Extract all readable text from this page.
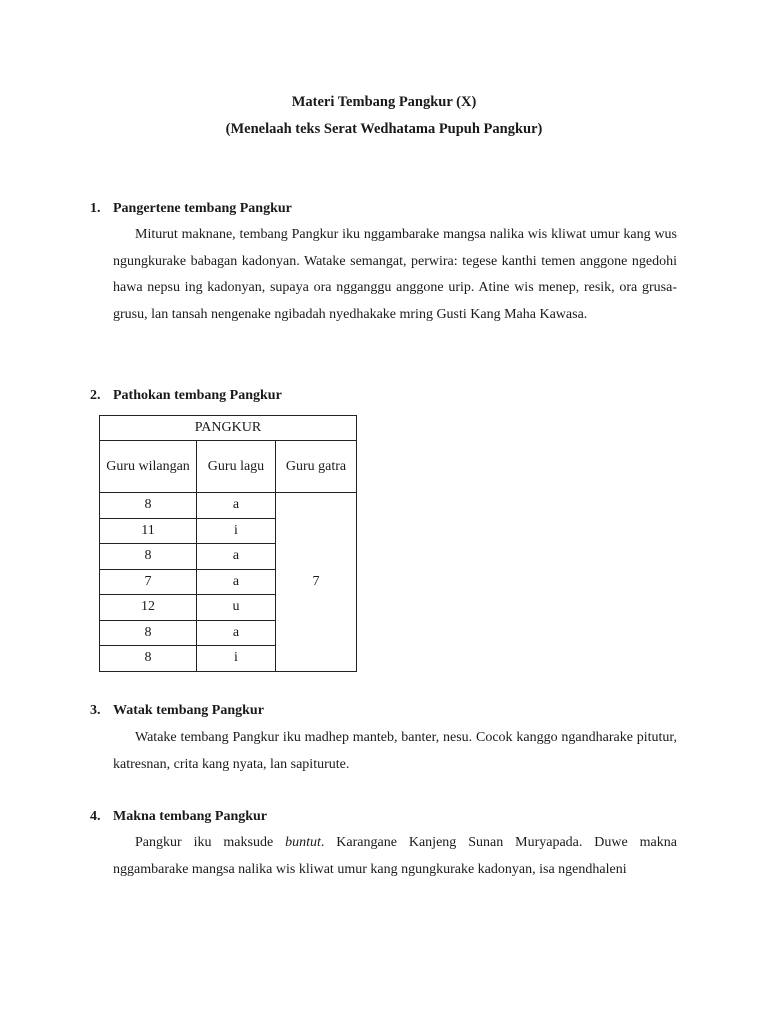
Materi Tembang Pangkur (X)
(Menelaah teks Serat Wedhatama Pupuh Pangkur)
1. Pangertene tembang Pangkur

Miturut maknane, tembang Pangkur iku nggambarake mangsa nalika wis kliwat umur kang wus ngungkurake babagan kadonyan. Watake semangat, perwira: tegese kanthi temen anggone ngedohi hawa nepsu ing kadonyan, supaya ora ngganggu anggone urip. Atine wis menep, resik, ora grusa-grusu, lan tansah nengenake ngibadah nyedhakake mring Gusti Kang Maha Kawasa.

2. Pathokan tembang Pangkur
PANGKUR		
Guru wilangan	Guru lagu	Guru gatra
8	a	7
11	i	
8	a	
7	a	
12	u	
8	a	
8	i	
3. Watak tembang Pangkur

Watake tembang Pangkur iku madhep manteb, banter, nesu. Cocok kanggo ngandharake pitutur, katresnan, crita kang nyata, lan sapiturute.

4. Makna tembang Pangkur

Pangkur iku maksude buntut. Karangane Kanjeng Sunan Muryapada. Duwe makna nggambarake mangsa nalika wis kliwat umur kang ngungkurake kadonyan, isa ngendhaleni
